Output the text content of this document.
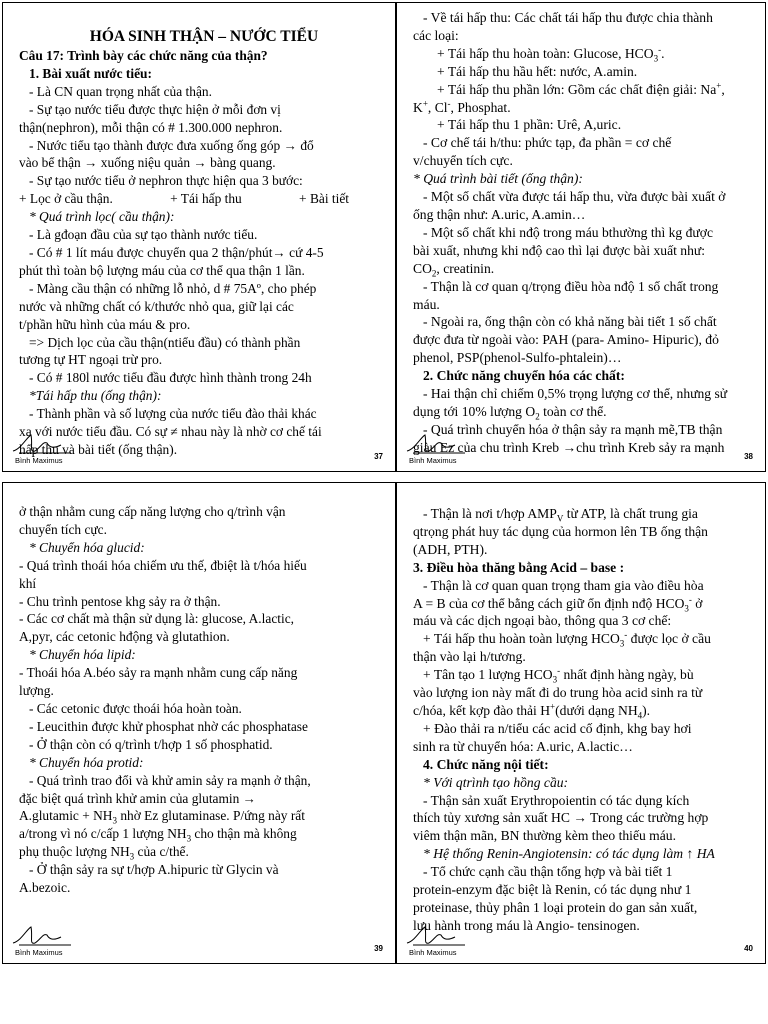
HÓA SINH THẬN – NƯỚC TIỂU

Câu 17: Trình bày các chức năng của thận?

1. Bài xuất nước tiểu:

- Là CN quan trọng nhất của thận.

- Sự tạo nước tiểu được thực hiện ở mỗi đơn vị

thận(nephron), mỗi thận có # 1.300.000 nephron.

- Nước tiểu tạo thành được đưa xuống ống góp → đổ

vào bể thận → xuống niệu quản → bàng quang.

- Sự tạo nước tiểu ở nephron thực hiện qua 3 bước:

+ Lọc ở cầu thận.	+ Tái hấp thu	+ Bài tiết

* Quá trình lọc( cầu thận):

- Là gđoạn đầu của sự tạo thành nước tiểu.

- Có # 1 lít máu được chuyển qua 2 thận/phút→ cứ 4-5

phút thì toàn bộ lượng máu của cơ thể qua thận 1 lần.

- Màng cầu thận có những lỗ nhỏ, d # 75Aº, cho phép

nước và những chất có k/thước nhỏ qua, giữ lại các

t/phần hữu hình của máu & pro.

=> Dịch lọc của cầu thận(ntiểu đầu) có thành phần

tương tự HT ngoại trừ pro.

- Có # 180l nước tiểu đầu được hình thành trong 24h

*Tái hấp thu (ống thận):

- Thành phần và số lượng của nước tiểu đào thải khác

xa với nước tiểu đầu. Có sự ≠ nhau này là nhờ cơ chế tái

hấp thu và bài tiết (ống thận).

Bình Maximus	37

- Về tái hấp thu: Các chất tái hấp thu được chia thành

các loại:

+ Tái hấp thu hoàn toàn: Glucose, $HCO_3^-$.

+ Tái hấp thu hầu hết: nước, A.amin.

+ Tái hấp thu phần lớn: Gồm các chất điện giải: Na+,

K+, Cl-, Phosphat.

+ Tái hấp thu 1 phần: Urê, A,uric.

- Cơ chế tái h/thu: phức tạp, đa phần = cơ chế

v/chuyển tích cực.

* Quá trình bài tiết (ống thận):

- Một số chất vừa được tái hấp thu, vừa được bài xuất ở

ống thận như: A.uric, A.amin…

- Một số chất khi nđộ trong máu bthường thì kg được

bài xuất, nhưng khi nđộ cao thì lại được bài xuất như:

$CO_2$, creatinin.

- Thận là cơ quan q/trọng điều hòa nđộ 1 số chất trong

máu.

- Ngoài ra, ống thận còn có khả năng bài tiết 1 số chất

được đưa từ ngoài vào: PAH (para- Amino- Hipuric), đỏ

phenol, PSP(phenol-Sulfo-phtalein)…

2. Chức năng chuyển hóa các chất:

- Hai thận chỉ chiếm 0,5% trọng lượng cơ thể, nhưng sử

dụng tới 10% lượng $O_2$ toàn cơ thể.

- Quá trình chuyển hóa ở thận sảy ra mạnh mẽ,TB thận

giàu Ez của chu trình Kreb →chu trình Kreb sảy ra mạnh

Bình Maximus	38

ở thận nhằm cung cấp năng lượng cho q/trình vận

chuyển tích cực.

* Chuyển hóa glucid:

- Quá trình thoái hóa chiếm ưu thế, đbiệt là t/hóa hiếu

khí

- Chu trình pentose khg sảy ra ở thận.

- Các cơ chất mà thận sử dụng là: glucose, A.lactic,

A,pyr, các cetonic hđộng và glutathion.

* Chuyển hóa lipid:

- Thoái hóa A.béo sảy ra mạnh nhằm cung cấp năng

lượng.

- Các cetonic được thoái hóa hoàn toàn.

- Leucithin được khử phosphat nhờ các phosphatase

- Ở thận còn có q/trình t/hợp 1 số phosphatid.

* Chuyển hóa protid:

- Quá trình trao đổi và khử amin sảy ra mạnh ở thận,

đặc biệt quá trình khử amin của glutamin →

A.glutamic + $NH_3$ nhờ Ez glutaminase. P/ứng này rất

a/trong vì nó c/cấp 1 lượng $NH_3$ cho thận mà không

phụ thuộc lượng $NH_3$ của c/thể.

- Ở thận sảy ra sự t/hợp A.hipuric từ Glycin và

A.bezoic.

Bình Maximus	39

- Thận là nơi t/hợp $AMP_V$ từ ATP, là chất trung gia

qtrọng phát huy tác dụng của hormon lên TB ống thận

(ADH, PTH).

3. Điều hòa thăng bằng Acid – base :

- Thận là cơ quan quan trọng tham gia vào điều hòa

A = B của cơ thể bằng cách giữ ổn định nđộ $HCO_3^-$ ở

máu và các dịch ngoại bào, thông qua 3 cơ chế:

+ Tái hấp thu hoàn toàn lượng $HCO_3^-$ được lọc ở cầu

thận vào lại h/tương.

+ Tân tạo 1 lượng $HCO_3^-$ nhất định hàng ngày, bù

vào lượng ion này mất đi do trung hòa acid sinh ra từ

c/hóa, kết kợp đào thải H+(dưới dạng $NH_4$).

+ Đào thải ra n/tiểu các acid cố định, khg bay hơi

sinh ra từ chuyển hóa: A.uric, A.lactic…

4. Chức năng nội tiết:

* Với qtrình tạo hồng cầu:

- Thận sản xuất Erythropoientin có tác dụng kích

thích tủy xương sản xuất HC → Trong các trường hợp

viêm thận mãn, BN thường kèm theo thiếu máu.

* Hệ thống Renin-Angiotensin: có tác dụng làm ↑ HA

- Tổ chức cạnh cầu thận tổng hợp và bài tiết 1

protein-enzym đặc biệt là Renin, có tác dụng như 1

proteinase, thủy phân 1 loại protein do gan sản xuất,

lưu hành trong máu là Angio- tensinogen.

Bình Maximus	40
